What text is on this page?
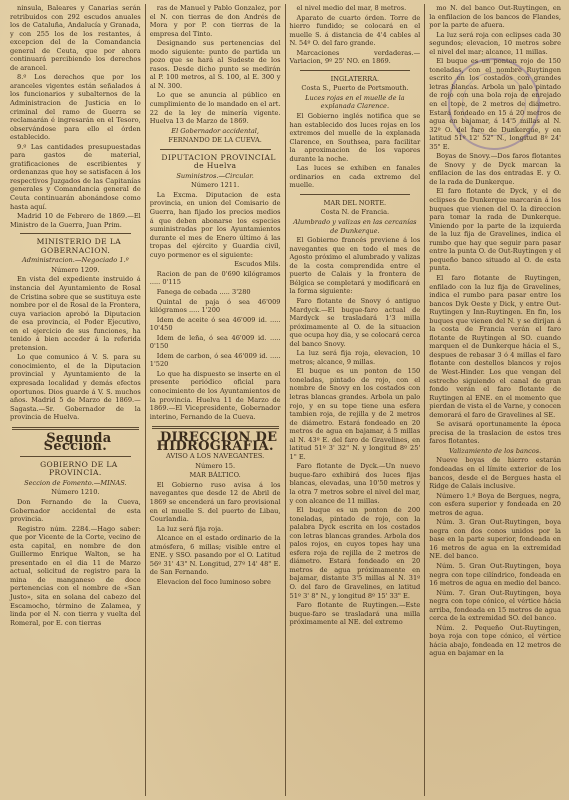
ninsula, Baleares y Canarias serán retribuidos con 292 escudos anuales los de Cataluña, Andalucía y Granada, y con 255 los de los restantes, á excepcion del de la Comandancia general de Ceuta, que por ahora continuará percibiendo los derechos de arancel.

8.º Los derechos que por los aranceles vigentes están señalados á los funcionarios y subalternos de la Administracion de Justicia en lo criminal del ramo de Guerra se reclamarán é ingresarán en el Tesoro, observándose para ello el órden establecido.

9.º Las cantidades presupuestadas para gastos de material, gratificaciones de escribientes y ordenanzas que hoy se satisfacen á los respectivos Juzgados de las Capitanías generales y Comandancia general de Ceuta continuarán abonándose como hasta aquí.

Madrid 10 de Febrero de 1869.—El Ministro de la Guerra, Juan Prim.

MINISTERIO DE LA GOBERNACION.

Administracion.—Negociado 1.º

Número 1209.

En vista del expediente instruido á instancia del Ayuntamiento de Rosal de Cristina sobre que se sustituya este nombre por el de Rosal de la Frontera, cuya variacion aprobó la Diputacion de esa provincia, el Poder Ejecutivo, en el ejercicio de sus funciones, ha tenido á bien acceder á la referida pretension.

Lo que comunico á V. S. para su conocimiento, el de la Diputacion provincial y Ayuntamiento de la expresada localidad y demás efectos oportunos. Dios guarde á V. S. muchos años. Madrid 5 de Marzo de 1869.—Sagasta.—Sr. Gobernador de la provincia de Huelva.

Segunda Seccion.

GOBIERNO DE LA PROVINCIA.

Seccion de Fomento.—MINAS.

Número 1210.

Don Fernando de la Cueva, Gobernador accidental de esta provincia.

Registro núm. 2284.—Hago saber: que por Vicente de la Corte, vecino de esta capital, en nombre de don Guillermo Enrique Walton, se ha presentado en el dia 11 de Marzo actual, solicitud de registro para la mina de manganeso de doce pertenencias con el nombre de «San Justo», sita en solana del cabezo del Escamocho, término de Zalamea, y linda por el N. con tierra y vuelta del Romeral, por E. con tierras

ras de Manuel y Pablo Gonzalez, por el N. con tierras de don Andrés de Mora y por P. con tierras de la empresa del Tinto.

Designando sus pertenencias del modo siguiente: punto de partida un pozo que se hará al Sudeste de los rasos. Desde dicho punto se medirán al P. 100 metros, al S. 100, al E. 300 y al N. 300.

Lo que se anuncia al público en cumplimiento de lo mandado en el art. 22 de la ley de minería vigente. Huelva 13 de Marzo de 1869.

El Gobernador accidental,

FERNANDO DE LA CUEVA.

DIPUTACION PROVINCIAL de Huelva

Suministros.—Circular.

Número 1211.

La Excma. Diputacion de esta provincia, en union del Comisario de Guerra, han fijado los precios medios á que deben abonarse los especies suministradas por los Ayuntamientos durante el mes de Enero último á las tropas del ejército y Guardia civil, cuyo pormenor es el siguiente:

Escudos Mils.

Racion de pan de 0'690 kilógramos ..... 0'115

Fanega de cebada ..... 3'280

Quintal de paja ó sea 46'009 kilógramos ..... 1'200

Idem de aceite ó sea 46'009 id. ..... 10'450

Idem de leña, ó sea 46'009 id. ..... 0'150

Idem de carbon, ó sea 46'009 id. ..... 1'520

Lo que ha dispuesto se inserte en el presente periódico oficial para conocimiento de los Ayuntamientos de la provincia. Huelva 11 de Marzo de 1869.—El Vicepresidente, Gobernador interino, Fernando de la Cueva.

DIRECCION DE HIDROGRAFIA.

AVISO A LOS NAVEGANTES.

Número 15.

MAR BÁLTICO.

El Gobierno ruso avisa á los navegantes que desde 12 de Abril de 1869 se encenderá un faro provisional en el muelle S. del puerto de Libau, Courlandia.

La luz será fija roja.

Alcance en el estado ordinario de la atmósfera, 6 millas; visible entre el ENE. y SSO. pasando por el O. Latitud 56º 31' 43" N. Longitud, 27º 14' 48" E. de San Fernando.

Elevacion del foco luminoso sobre

el nivel medio del mar, 8 metros.

Aparato de cuarto órden. Torre de hierro fundido; se colocará en el muelle S. á distancia de 4'4 cables al N. 54º O. del faro grande.

Marcaciones verdaderas.—Variacion, 9º 25' NO. en 1869.

INGLATERRA.

Costa S., Puerto de Portsmouth.

Luces rojas en el muelle de la explanada Clarence.

El Gobierno inglés notifica que se han establecido dos luces rojas en los extremos del muelle de la explanada Clarence, en Southsea, para facilitar la aproximacion de los vapores durante la noche.

Las luces se exhiben en fanales ordinarios en cada extremo del muelle.

MAR DEL NORTE.

Costa N. de Francia.

Alumbrado y valizas en las cercanías de Dunkerque.

El Gobierno francés previene á los navegantes que en todo el mes de Agosto próximo el alumbrado y valizas de la costa comprendida entre el puerto de Calais y la frontera de Bélgica se completará y modificará en la forma siguiente:

Faro flotante de Snovy ó antiguo Mardyck.—El buque-faro actual de Mardyck se trasladará 1'3 milla próximamente al O. de la situacion que ocupa hoy dia, y se colocará cerca del banco Snovy.

La luz será fija roja, elevacion, 10 metros; alcance, 9 millas.

El buque es un ponton de 150 toneladas, pintado de rojo, con el nombre de Snovy en los costados con letras blancas grandes. Arbola un palo rojo, y en su tope tiene una esfera tambien roja, de rejilla y de 2 metros de diámetro. Estará fondeado en 20 metros de agua en bajamar, á 5 millas al N. 43º E. del faro de Gravelines, en latitud 51º 3' 32" N. y longitud 8º 25' 1" E.

Faro flotante de Dyck.—Un nuevo buque-faro exhibirá dos luces fijas blancas, elevadas, una 10'50 metros y la otra 7 metros sobre el nivel del mar, y con alcance de 11 millas.

El buque es un ponton de 200 toneladas, pintado de rojo, con la palabra Dyck escrita en los costados con letras blancas grandes. Arbola dos palos rojos, en cuyos topes hay una esfera roja de rejilla de 2 metros de diámetro. Estará fondeado en 20 metros de agua próximamente en bajamar, distante 3'5 millas al N. 31º O. del faro de Gravelines, en latitud 51º 3' 8" N., y longitud 8º 15' 33" E.

Faro flotante de Ruytingen.—Este buque-faro se trasladará una milla próximamente al NE. del extremo

mo N. del banco Out-Ruytingen, en la enfilacion de los bancos de Flandes, por la parte de afuera.

La luz será roja con eclipses cada 30 segundos; elevacion, 10 metros sobre el nivel del mar; alcance, 11 millas.

El buque es un ponton rojo de 150 toneladas, con el nombre Ruytingen escrito en los costados con grandes letras blancas. Arbola un palo pintado de rojo con una bola roja de enrejado en el tope, de 2 metros de diámetro. Estará fondeado en 15 á 20 metros de agua en bajamar, á 14'5 millas al N. 32º O. del faro de Dunkerque, y en latitud 51º 12' 52" N., longitud 8º 24' 35" E.

Boyas de Snovy.—Dos faros flotantes de Snovy y de Dyck marcan la enfilacion de las dos entradas E. y O. de la rada de Dunkerque.

El faro flotante de Dyck, y el de eclipses de Dunkerque marcarán á los buques que vienen del O. la direccion para tomar la rada de Dunkerque. Viniendo por la parte de la izquierda de la luz fija de Gravelines, indica el rumbo que hay que seguir para pasar entre la punta O. de Out-Ruytingen y el pequeño banco situado al O. de esta punta.

El faro flotante de Ruytingen, enfilado con la luz fija de Gravelines, indica el rumbo para pasar entre los bancos Dyk Oeste y Dick, y entre Out-Ruytingen y Inn-Ruytingen. En fin, los buques que vienen del N. y se dirijan á la costa de Francia verán el faro flotante de Ruytingen al SO. cuando marquen el de Dunkerque hácia el S., despues de rebasar 3 ó 4 millas el faro flotante con destellos blancos y rojos de West-Hinder. Los que vengan del estrecho siguiendo el canal de gran fondo verán el faro flotante de Ruytingen al ENE. en el momento que pierdan de vista el de Varne, y conocen demorará el faro de Gravelines al SE.

Se avisará oportunamente la época precisa de la traslacion de estos tres faros flotantes.

Valizamiento de los bancos.

Nueve boyas de hierro estarán fondeadas en el límite exterior de los bancos, desde el de Bergues hasta el Ridge de Calais inclusive.

Número 1.º Boya de Bergues, negra, con esfera superior y fondeada en 20 metros de agua.

Núm. 3. Gran Out-Ruytingen, boya negra con dos conos unidos por la base en la parte superior, fondeada en 16 metros de agua en la extremidad NE. del banco.

Núm. 5. Gran Out-Ruytingen, boya negra con tope cilíndrico, fondeada en 16 metros de agua en medio del banco.

Núm. 7. Gran Out-Ruytingen, boya negra con tope cónico, el vértice hácia arriba, fondeada en 15 metros de agua cerca de la extremidad SO. del banco.

Núm. 2. Pequeño Out-Ruytingen, boya roja con tope cónico, el vértice hácia abajo, fondeada en 12 metros de agua en bajamar en la
